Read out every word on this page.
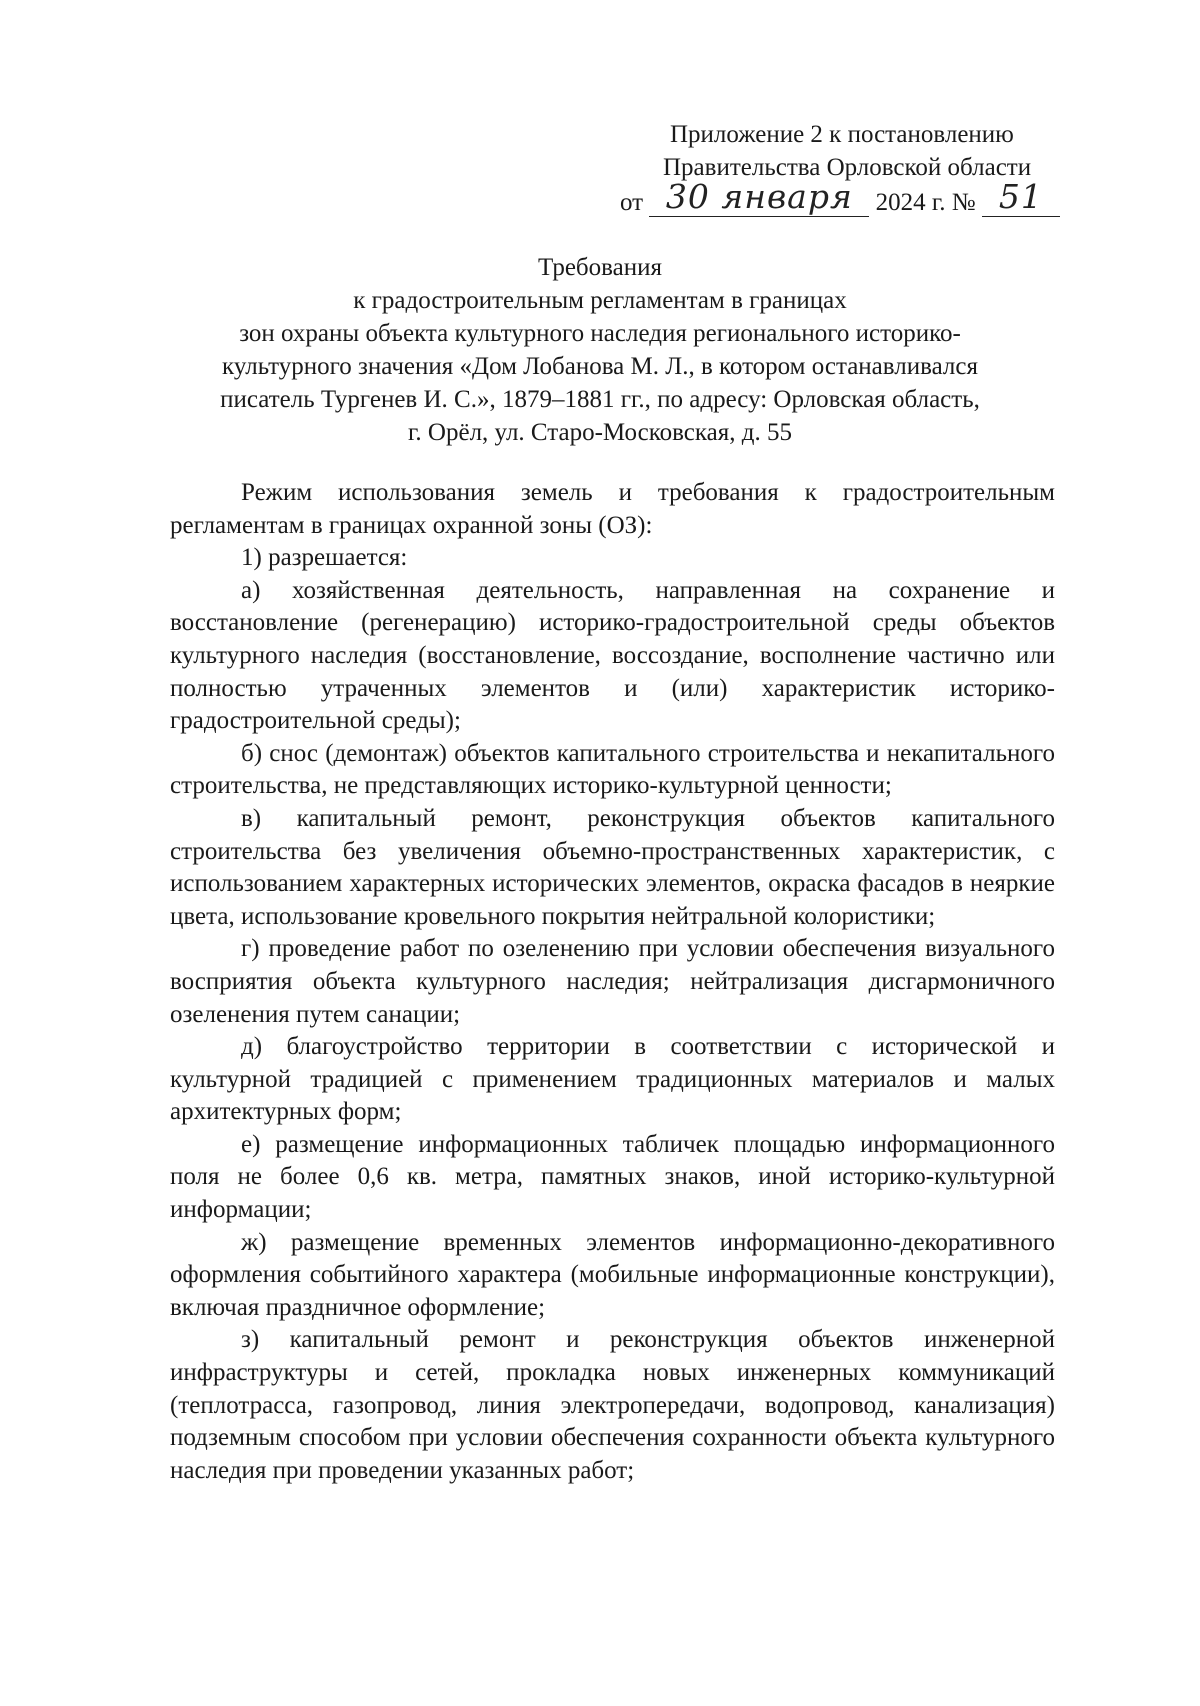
Приложение 2 к постановлению
Правительства Орловской области
от 30 января 2024 г. № 51
Требования
к градостроительным регламентам в границах
зон охраны объекта культурного наследия регионального историко-
культурного значения «Дом Лобанова М. Л., в котором останавливался
писатель Тургенев И. С.», 1879–1881 гг., по адресу: Орловская область,
г. Орёл, ул. Старо-Московская, д. 55

Режим использования земель и требования к градостроительным регламентам в границах охранной зоны (ОЗ):

1) разрешается:

а) хозяйственная деятельность, направленная на сохранение и восстановление (регенерацию) историко-градостроительной среды объектов культурного наследия (восстановление, воссоздание, восполнение частично или полностью утраченных элементов и (или) характеристик историко-градостроительной среды);

б) снос (демонтаж) объектов капитального строительства и некапитального строительства, не представляющих историко-культурной ценности;

в) капитальный ремонт, реконструкция объектов капитального строительства без увеличения объемно-пространственных характеристик, с использованием характерных исторических элементов, окраска фасадов в неяркие цвета, использование кровельного покрытия нейтральной колористики;

г) проведение работ по озеленению при условии обеспечения визуального восприятия объекта культурного наследия; нейтрализация дисгармоничного озеленения путем санации;

д) благоустройство территории в соответствии с исторической и культурной традицией с применением традиционных материалов и малых архитектурных форм;

е) размещение информационных табличек площадью информационного поля не более 0,6 кв. метра, памятных знаков, иной историко-культурной информации;

ж) размещение временных элементов информационно-декоративного оформления событийного характера (мобильные информационные конструкции), включая праздничное оформление;

з) капитальный ремонт и реконструкция объектов инженерной инфраструктуры и сетей, прокладка новых инженерных коммуникаций (теплотрасса, газопровод, линия электропередачи, водопровод, канализация) подземным способом при условии обеспечения сохранности объекта культурного наследия при проведении указанных работ;
